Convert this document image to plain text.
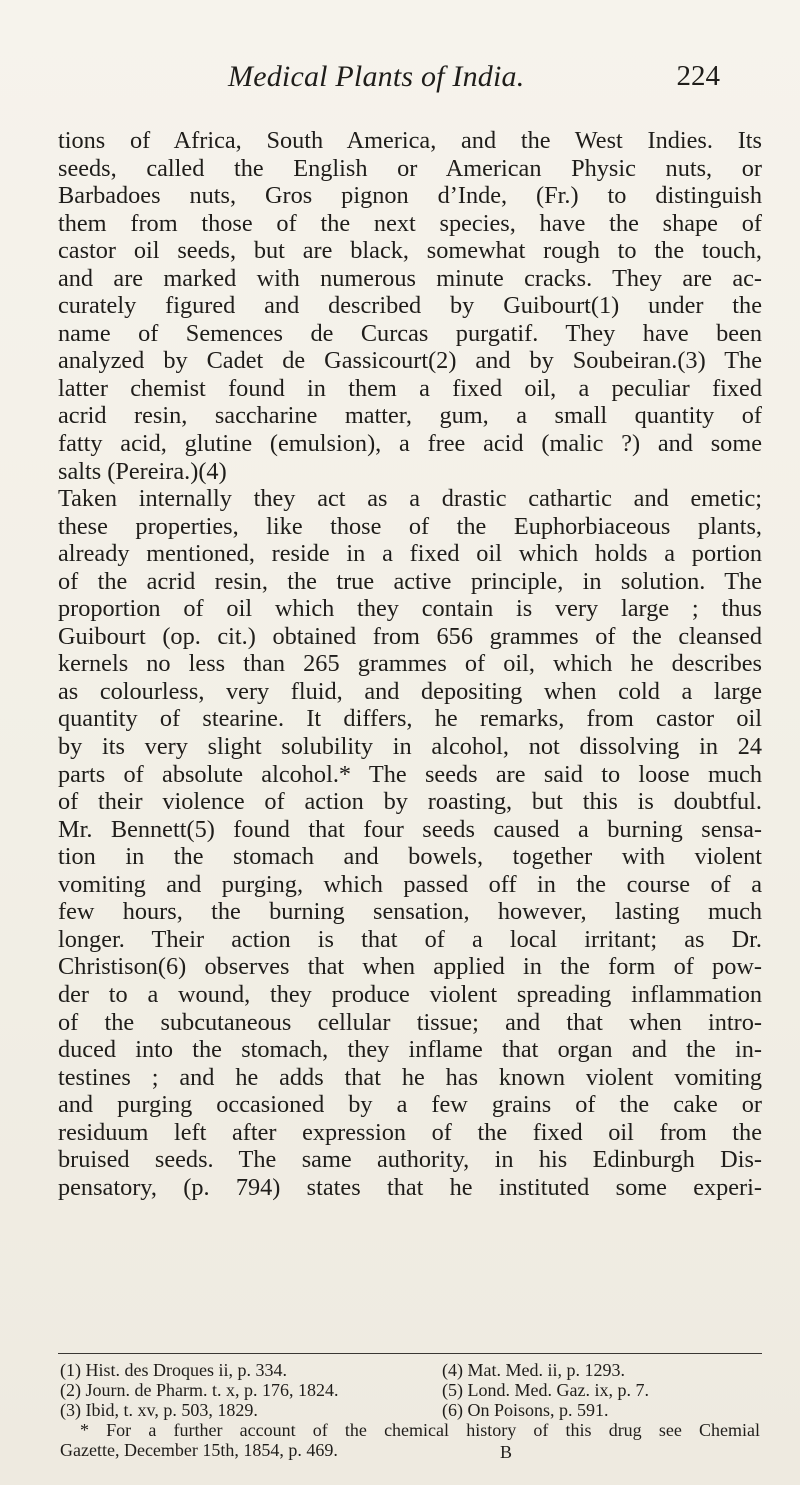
Medical Plants of India.	224
tions of Africa, South America, and the West Indies. Its
seeds, called the English or American Physic nuts, or
Barbadoes nuts, Gros pignon d’Inde, (Fr.) to distinguish
them from those of the next species, have the shape of
castor oil seeds, but are black, somewhat rough to the touch,
and are marked with numerous minute cracks. They are ac-
curately figured and described by Guibourt(1) under the
name of Semences de Curcas purgatif. They have been
analyzed by Cadet de Gassicourt(2) and by Soubeiran.(3) The
latter chemist found in them a fixed oil, a peculiar fixed
acrid resin, saccharine matter, gum, a small quantity of
fatty acid, glutine (emulsion), a free acid (malic ?) and some
salts (Pereira.)(4)
Taken internally they act as a drastic cathartic and emetic;
these properties, like those of the Euphorbiaceous plants,
already mentioned, reside in a fixed oil which holds a portion
of the acrid resin, the true active principle, in solution. The
proportion of oil which they contain is very large ; thus
Guibourt (op. cit.) obtained from 656 grammes of the cleansed
kernels no less than 265 grammes of oil, which he describes
as colourless, very fluid, and depositing when cold a large
quantity of stearine. It differs, he remarks, from castor oil
by its very slight solubility in alcohol, not dissolving in 24
parts of absolute alcohol.* The seeds are said to loose much
of their violence of action by roasting, but this is doubtful.
Mr. Bennett(5) found that four seeds caused a burning sensa-
tion in the stomach and bowels, together with violent
vomiting and purging, which passed off in the course of a
few hours, the burning sensation, however, lasting much
longer. Their action is that of a local irritant; as Dr.
Christison(6) observes that when applied in the form of pow-
der to a wound, they produce violent spreading inflammation
of the subcutaneous cellular tissue; and that when intro-
duced into the stomach, they inflame that organ and the in-
testines ; and he adds that he has known violent vomiting
and purging occasioned by a few grains of the cake or
residuum left after expression of the fixed oil from the
bruised seeds. The same authority, in his Edinburgh Dis-
pensatory, (p. 794) states that he instituted some experi-
(1) Hist. des Droques ii, p. 334.	(4) Mat. Med. ii, p. 1293.
(2) Journ. de Pharm. t. x, p. 176, 1824.	(5) Lond. Med. Gaz. ix, p. 7.
(3) Ibid, t. xv, p. 503, 1829.	(6) On Poisons, p. 591.
* For a further account of the chemical history of this drug see Chemial
Gazette, December 15th, 1854, p. 469.	B
